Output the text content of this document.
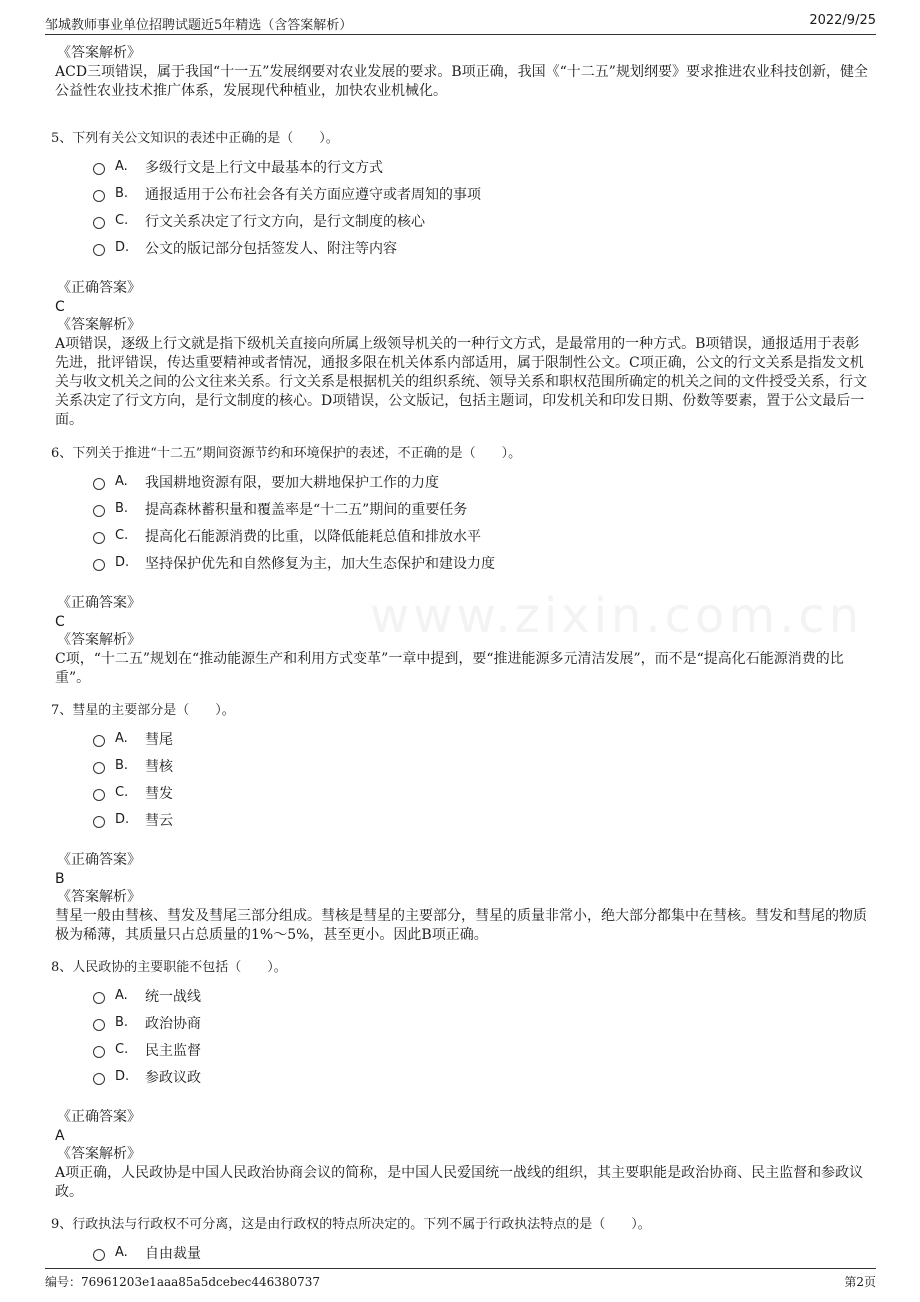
邹城教师事业单位招聘试题近5年精选（含答案解析）	2022/9/25
www.zixin.com.cn
《答案解析》
ACD三项错误，属于我国“十一五”发展纲要对农业发展的要求。B项正确，我国《“十二五”规划纲要》要求推进农业科技创新，健全公益性农业技术推广体系，发展现代种植业，加快农业机械化。
5、下列有关公文知识的表述中正确的是（　　）。
A.	多级行文是上行文中最基本的行文方式
B.	通报适用于公布社会各有关方面应遵守或者周知的事项
C.	行文关系决定了行文方向，是行文制度的核心
D.	公文的版记部分包括签发人、附注等内容
《正确答案》
C
《答案解析》
A项错误，逐级上行文就是指下级机关直接向所属上级领导机关的一种行文方式，是最常用的一种方式。B项错误，通报适用于表彰先进，批评错误，传达重要精神或者情况，通报多限在机关体系内部适用，属于限制性公文。C项正确，公文的行文关系是指发文机关与收文机关之间的公文往来关系。行文关系是根据机关的组织系统、领导关系和职权范围所确定的机关之间的文件授受关系，行文关系决定了行文方向，是行文制度的核心。D项错误，公文版记，包括主题词，印发机关和印发日期、份数等要素，置于公文最后一面。
6、下列关于推进“十二五”期间资源节约和环境保护的表述，不正确的是（　　）。
A.	我国耕地资源有限，要加大耕地保护工作的力度
B.	提高森林蓄积量和覆盖率是“十二五”期间的重要任务
C.	提高化石能源消费的比重，以降低能耗总值和排放水平
D.	坚持保护优先和自然修复为主，加大生态保护和建设力度
《正确答案》
C
《答案解析》
C项，“十二五”规划在“推动能源生产和利用方式变革”一章中提到，要“推进能源多元清洁发展”，而不是“提高化石能源消费的比重”。
7、彗星的主要部分是（　　）。
A.	彗尾
B.	彗核
C.	彗发
D.	彗云
《正确答案》
B
《答案解析》
彗星一般由彗核、彗发及彗尾三部分组成。彗核是彗星的主要部分，彗星的质量非常小，绝大部分都集中在彗核。彗发和彗尾的物质极为稀薄，其质量只占总质量的1%～5%，甚至更小。因此B项正确。
8、人民政协的主要职能不包括（　　）。
A.	统一战线
B.	政治协商
C.	民主监督
D.	参政议政
《正确答案》
A
《答案解析》
A项正确，人民政协是中国人民政治协商会议的简称，是中国人民爱国统一战线的组织，其主要职能是政治协商、民主监督和参政议政。
9、行政执法与行政权不可分离，这是由行政权的特点所决定的。下列不属于行政执法特点的是（　　）。
A.	自由裁量
编号：76961203e1aaa85a5dcebec446380737	第2页
